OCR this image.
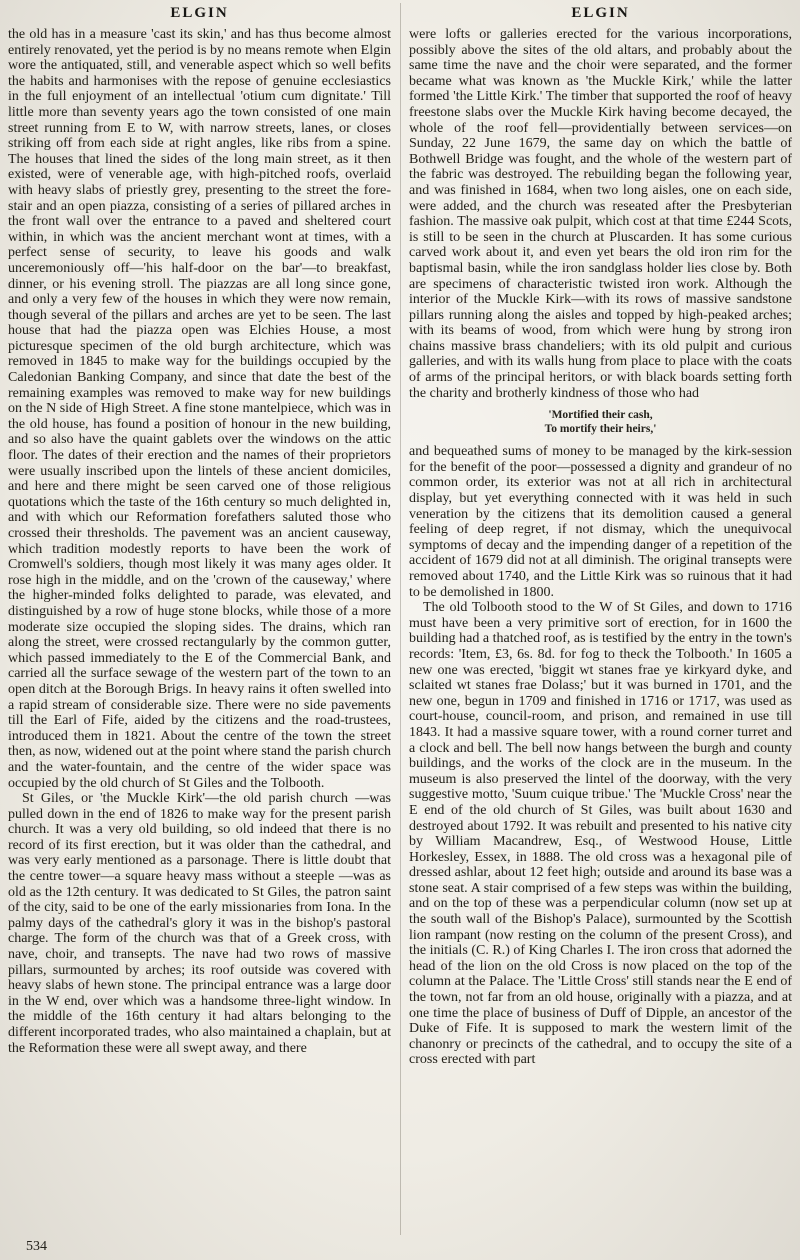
ELGIN	ELGIN

the old has in a measure 'cast its skin,' and has thus become almost entirely renovated, yet the period is by no means remote when Elgin wore the antiquated, still, and venerable aspect which so well befits the habits and harmonises with the repose of genuine ecclesiastics in the full enjoyment of an intellectual 'otium cum dignitate.' Till little more than seventy years ago the town consisted of one main street running from E to W, with narrow streets, lanes, or closes striking off from each side at right angles, like ribs from a spine. The houses that lined the sides of the long main street, as it then existed, were of venerable age, with high-pitched roofs, overlaid with heavy slabs of priestly grey, presenting to the street the fore-stair and an open piazza, consisting of a series of pillared arches in the front wall over the entrance to a paved and sheltered court within, in which was the ancient merchant wont at times, with a perfect sense of security, to leave his goods and walk unceremoniously off—'his half-door on the bar'—to breakfast, dinner, or his evening stroll. The piazzas are all long since gone, and only a very few of the houses in which they were now remain, though several of the pillars and arches are yet to be seen. The last house that had the piazza open was Elchies House, a most picturesque specimen of the old burgh architecture, which was removed in 1845 to make way for the buildings occupied by the Caledonian Banking Company, and since that date the best of the remaining examples was removed to make way for new buildings on the N side of High Street. A fine stone mantelpiece, which was in the old house, has found a position of honour in the new building, and so also have the quaint gablets over the windows on the attic floor. The dates of their erection and the names of their proprietors were usually inscribed upon the lintels of these ancient domiciles, and here and there might be seen carved one of those religious quotations which the taste of the 16th century so much delighted in, and with which our Reformation forefathers saluted those who crossed their thresholds. The pavement was an ancient causeway, which tradition modestly reports to have been the work of Cromwell's soldiers, though most likely it was many ages older. It rose high in the middle, and on the 'crown of the causeway,' where the higher-minded folks delighted to parade, was elevated, and distinguished by a row of huge stone blocks, while those of a more moderate size occupied the sloping sides. The drains, which ran along the street, were crossed rectangularly by the common gutter, which passed immediately to the E of the Commercial Bank, and carried all the surface sewage of the western part of the town to an open ditch at the Borough Brigs. In heavy rains it often swelled into a rapid stream of considerable size. There were no side pavements till the Earl of Fife, aided by the citizens and the road-trustees, introduced them in 1821. About the centre of the town the street then, as now, widened out at the point where stand the parish church and the water-fountain, and the centre of the wider space was occupied by the old church of St Giles and the Tolbooth.

St Giles, or 'the Muckle Kirk'—the old parish church —was pulled down in the end of 1826 to make way for the present parish church. It was a very old building, so old indeed that there is no record of its first erection, but it was older than the cathedral, and was very early mentioned as a parsonage. There is little doubt that the centre tower—a square heavy mass without a steeple —was as old as the 12th century. It was dedicated to St Giles, the patron saint of the city, said to be one of the early missionaries from Iona. In the palmy days of the cathedral's glory it was in the bishop's pastoral charge. The form of the church was that of a Greek cross, with nave, choir, and transepts. The nave had two rows of massive pillars, surmounted by arches; its roof outside was covered with heavy slabs of hewn stone. The principal entrance was a large door in the W end, over which was a handsome three-light window. In the middle of the 16th century it had altars belonging to the different incorporated trades, who also maintained a chaplain, but at the Reformation these were all swept away, and there

were lofts or galleries erected for the various incorporations, possibly above the sites of the old altars, and probably about the same time the nave and the choir were separated, and the former became what was known as 'the Muckle Kirk,' while the latter formed 'the Little Kirk.' The timber that supported the roof of heavy freestone slabs over the Muckle Kirk having become decayed, the whole of the roof fell—providentially between services—on Sunday, 22 June 1679, the same day on which the battle of Bothwell Bridge was fought, and the whole of the western part of the fabric was destroyed. The rebuilding began the following year, and was finished in 1684, when two long aisles, one on each side, were added, and the church was reseated after the Presbyterian fashion. The massive oak pulpit, which cost at that time £244 Scots, is still to be seen in the church at Pluscarden. It has some curious carved work about it, and even yet bears the old iron rim for the baptismal basin, while the iron sandglass holder lies close by. Both are specimens of characteristic twisted iron work. Although the interior of the Muckle Kirk—with its rows of massive sandstone pillars running along the aisles and topped by high-peaked arches; with its beams of wood, from which were hung by strong iron chains massive brass chandeliers; with its old pulpit and curious galleries, and with its walls hung from place to place with the coats of arms of the principal heritors, or with black boards setting forth the charity and brotherly kindness of those who had

'Mortified their cash,
To mortify their heirs,'

and bequeathed sums of money to be managed by the kirk-session for the benefit of the poor—possessed a dignity and grandeur of no common order, its exterior was not at all rich in architectural display, but yet everything connected with it was held in such veneration by the citizens that its demolition caused a general feeling of deep regret, if not dismay, which the unequivocal symptoms of decay and the impending danger of a repetition of the accident of 1679 did not at all diminish. The original transepts were removed about 1740, and the Little Kirk was so ruinous that it had to be demolished in 1800.

The old Tolbooth stood to the W of St Giles, and down to 1716 must have been a very primitive sort of erection, for in 1600 the building had a thatched roof, as is testified by the entry in the town's records: 'Item, £3, 6s. 8d. for fog to theck the Tolbooth.' In 1605 a new one was erected, 'biggit wt stanes frae ye kirkyard dyke, and sclaited wt stanes frae Dolass;' but it was burned in 1701, and the new one, begun in 1709 and finished in 1716 or 1717, was used as court-house, council-room, and prison, and remained in use till 1843. It had a massive square tower, with a round corner turret and a clock and bell. The bell now hangs between the burgh and county buildings, and the works of the clock are in the museum. In the museum is also preserved the lintel of the doorway, with the very suggestive motto, 'Suum cuique tribue.' The 'Muckle Cross' near the E end of the old church of St Giles, was built about 1630 and destroyed about 1792. It was rebuilt and presented to his native city by William Macandrew, Esq., of Westwood House, Little Horkesley, Essex, in 1888. The old cross was a hexagonal pile of dressed ashlar, about 12 feet high; outside and around its base was a stone seat. A stair comprised of a few steps was within the building, and on the top of these was a perpendicular column (now set up at the south wall of the Bishop's Palace), surmounted by the Scottish lion rampant (now resting on the column of the present Cross), and the initials (C. R.) of King Charles I. The iron cross that adorned the head of the lion on the old Cross is now placed on the top of the column at the Palace. The 'Little Cross' still stands near the E end of the town, not far from an old house, originally with a piazza, and at one time the place of business of Duff of Dipple, an ancestor of the Duke of Fife. It is supposed to mark the western limit of the chanonry or precincts of the cathedral, and to occupy the site of a cross erected with part

534
